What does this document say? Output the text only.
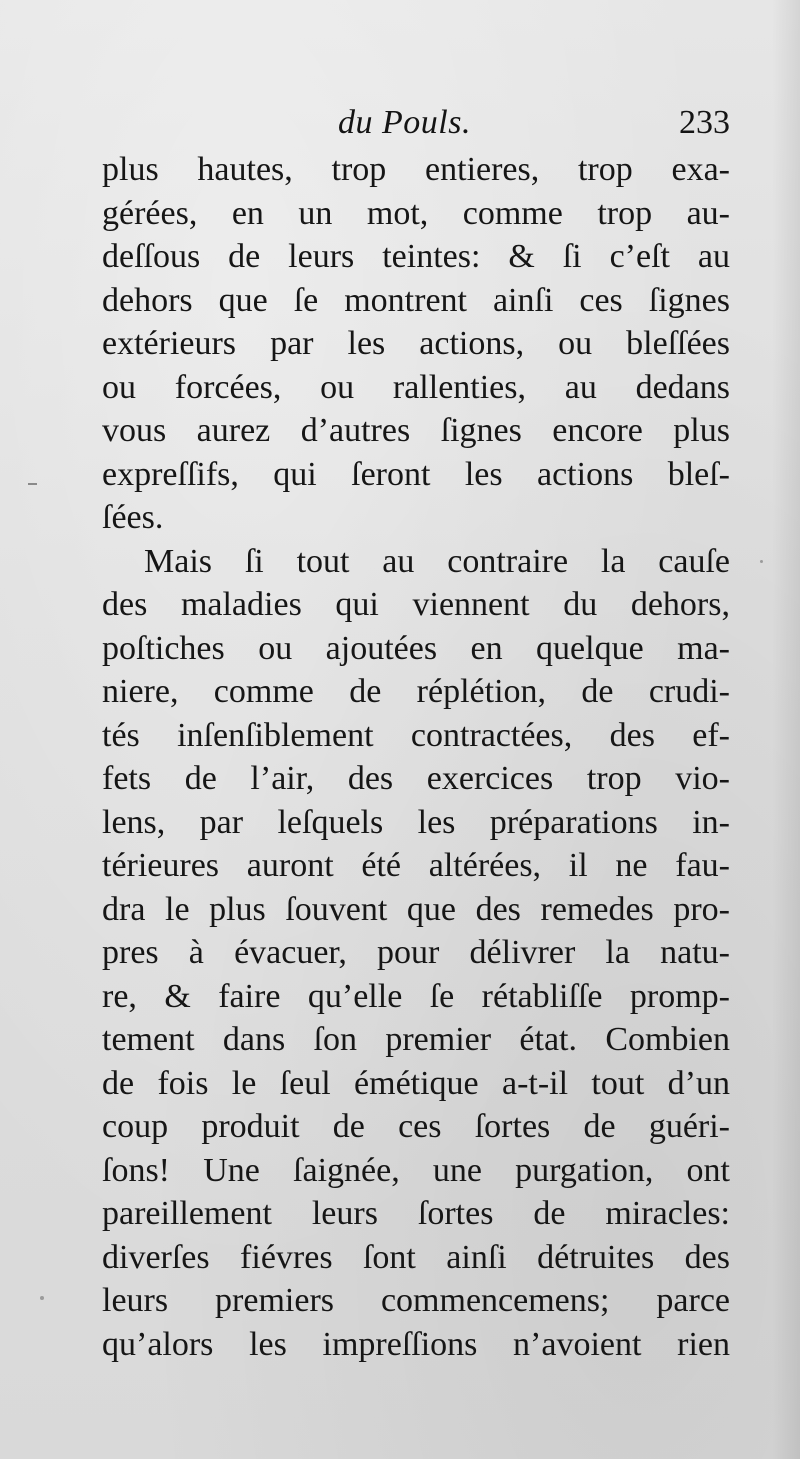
du Pouls.	233
plus hautes, trop entieres, trop exa-
gérées, en un mot, comme trop au-
deſſous de leurs teintes: & ſi c’eſt au
dehors que ſe montrent ainſi ces ſignes
extérieurs par les actions, ou bleſſées
ou forcées, ou rallenties, au dedans
vous aurez d’autres ſignes encore plus
expreſſifs, qui ſeront les actions bleſ-
ſées.
Mais ſi tout au contraire la cauſe
des maladies qui viennent du dehors,
poſtiches ou ajoutées en quelque ma-
niere, comme de réplétion, de crudi-
tés inſenſiblement contractées, des ef-
fets de l’air, des exercices trop vio-
lens, par leſquels les préparations in-
térieures auront été altérées, il ne fau-
dra le plus ſouvent que des remedes pro-
pres à évacuer, pour délivrer la natu-
re, & faire qu’elle ſe rétabliſſe promp-
tement dans ſon premier état. Combien
de fois le ſeul émétique a-t-il tout d’un
coup produit de ces ſortes de guéri-
ſons! Une ſaignée, une purgation, ont
pareillement leurs ſortes de miracles:
diverſes fiévres ſont ainſi détruites des
leurs premiers commencemens; parce
qu’alors les impreſſions n’avoient rien
